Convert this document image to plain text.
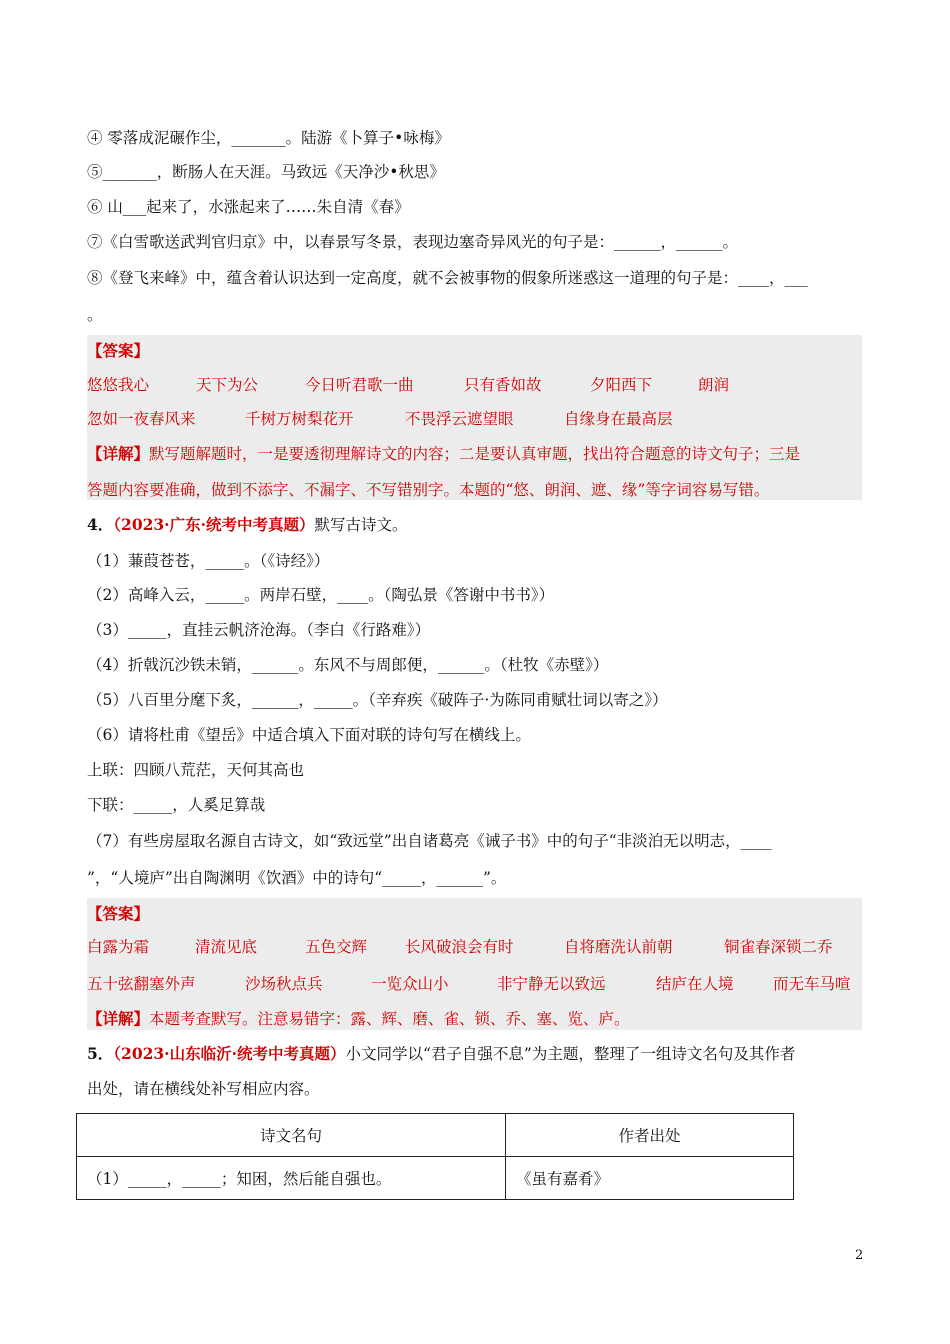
④ 零落成泥碾作尘，_______。陆游《卜算子•咏梅》
⑤_______，断肠人在天涯。马致远《天净沙•秋思》
⑥ 山___起来了，水涨起来了……朱自清《春》
⑦《白雪歌送武判官归京》中，以春景写冬景，表现边塞奇异风光的句子是：______，______。
⑧《登飞来峰》中，蕴含着认识达到一定高度，就不会被事物的假象所迷惑这一道理的句子是：____，___
。
【答案】
悠悠我心	天下为公	今日听君歌一曲	只有香如故	夕阳西下	朗润
忽如一夜春风来	千树万树梨花开	不畏浮云遮望眼	自缘身在最高层
【详解】默写题解题时，一是要透彻理解诗文的内容；二是要认真审题，找出符合题意的诗文句子；三是
答题内容要准确，做到不添字、不漏字、不写错别字。本题的“悠、朗润、遮、缘”等字词容易写错。
4．（2023·广东·统考中考真题）默写古诗文。
（1）蒹葭苍苍，_____。（《诗经》）
（2）高峰入云，_____。两岸石壁，____。（陶弘景《答谢中书书》）
（3）_____，直挂云帆济沧海。（李白《行路难》）
（4）折戟沉沙铁未销，______。东风不与周郎便，______。（杜牧《赤壁》）
（5）八百里分麾下炙，______，_____。（辛弃疾《破阵子·为陈同甫赋壮词以寄之》）
（6）请将杜甫《望岳》中适合填入下面对联的诗句写在横线上。
上联：四顾八荒茫，天何其高也
下联：_____，人奚足算哉
（7）有些房屋取名源自古诗文，如“致远堂”出自诸葛亮《诫子书》中的句子“非淡泊无以明志，____
”，“人境庐”出自陶渊明《饮酒》中的诗句“_____，______”。
【答案】
白露为霜	清流见底	五色交辉 长风破浪会有时	自将磨洗认前朝	铜雀春深锁二乔
五十弦翻塞外声	沙场秋点兵	一览众山小	非宁静无以致远	结庐在人境	而无车马喧
【详解】本题考查默写。注意易错字：露、辉、磨、雀、锁、乔、塞、览、庐。
5．（2023·山东临沂·统考中考真题）小文同学以“君子自强不息”为主题，整理了一组诗文名句及其作者
出处，请在横线处补写相应内容。
诗文名句	作者出处
（1）_____，_____；知困，然后能自强也。	《虽有嘉肴》
2
